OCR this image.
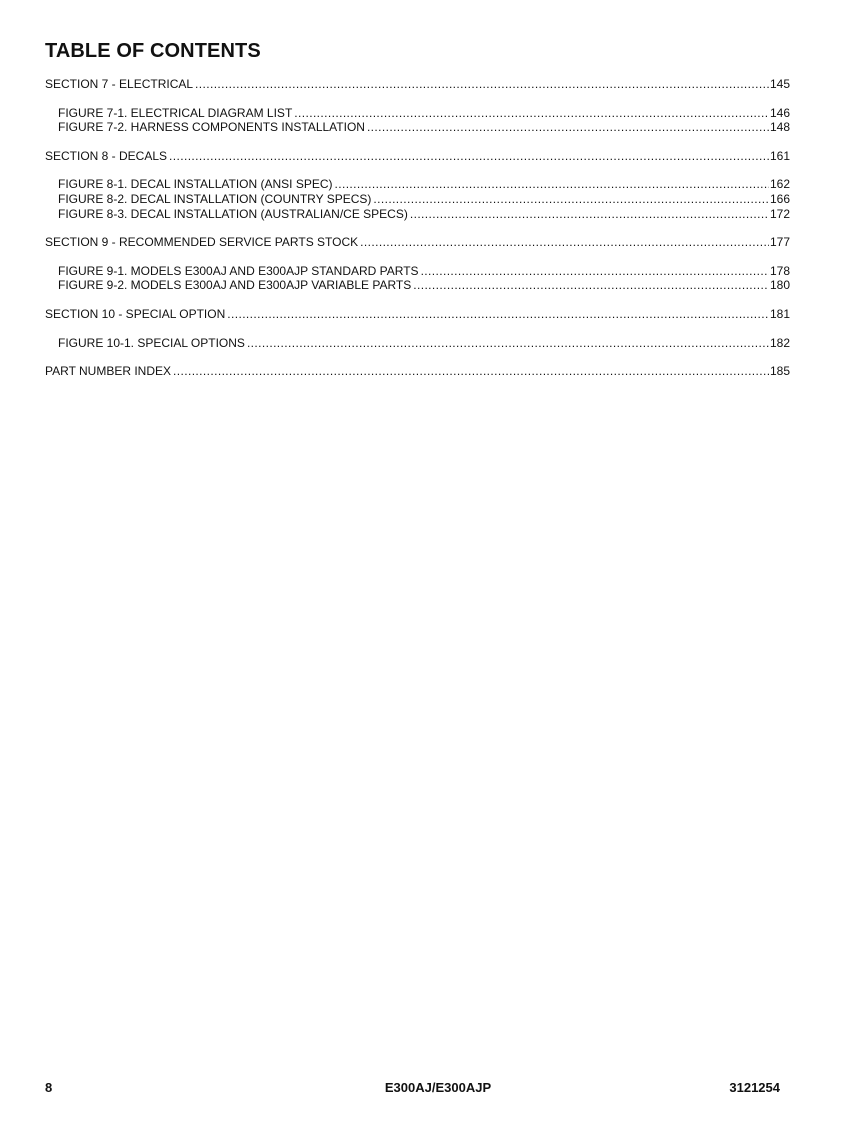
TABLE OF CONTENTS
SECTION 7 - ELECTRICAL .....	145
FIGURE 7-1. ELECTRICAL DIAGRAM LIST .....	146
FIGURE 7-2. HARNESS COMPONENTS INSTALLATION .....	148
SECTION 8 - DECALS .....	161
FIGURE 8-1. DECAL INSTALLATION (ANSI SPEC) .....	162
FIGURE 8-2. DECAL INSTALLATION (COUNTRY SPECS) .....	166
FIGURE 8-3. DECAL INSTALLATION (AUSTRALIAN/CE SPECS) .....	172
SECTION 9 - RECOMMENDED SERVICE PARTS STOCK .....	177
FIGURE 9-1. MODELS E300AJ AND E300AJP STANDARD PARTS .....	178
FIGURE 9-2. MODELS E300AJ AND E300AJP VARIABLE PARTS .....	180
SECTION 10 - SPECIAL OPTION .....	181
FIGURE 10-1. SPECIAL OPTIONS .....	182
PART NUMBER INDEX .....	185
8	E300AJ/E300AJP	3121254
